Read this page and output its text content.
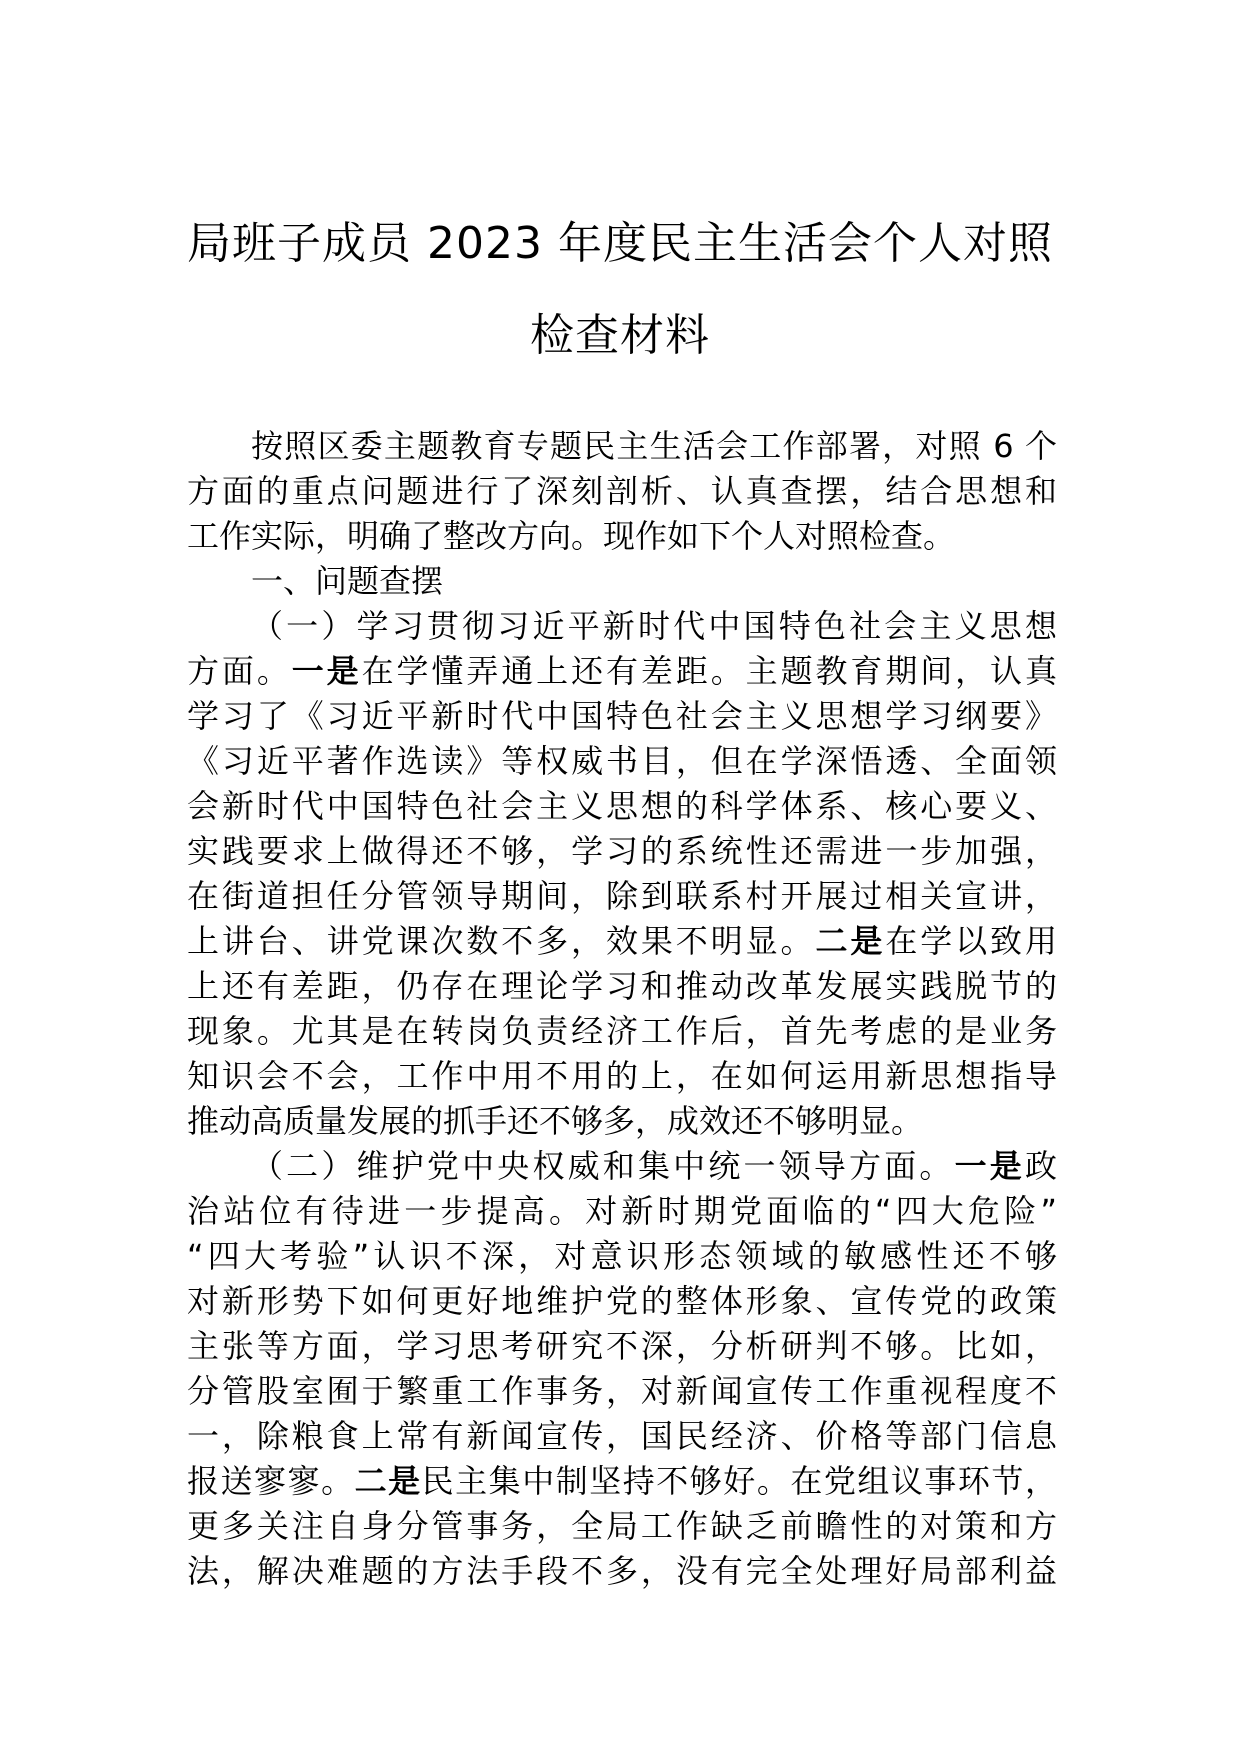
局班子成员 2023 年度民主生活会个人对照
检查材料
按照区委主题教育专题民主生活会工作部署，对照 6 个
方面的重点问题进行了深刻剖析、认真查摆，结合思想和
工作实际，明确了整改方向。现作如下个人对照检查。
一、问题查摆
（一）学习贯彻习近平新时代中国特色社会主义思想
方面。一是在学懂弄通上还有差距。主题教育期间，认真
学习了《习近平新时代中国特色社会主义思想学习纲要》
《习近平著作选读》等权威书目，但在学深悟透、全面领
会新时代中国特色社会主义思想的科学体系、核心要义、
实践要求上做得还不够，学习的系统性还需进一步加强，
在街道担任分管领导期间，除到联系村开展过相关宣讲，
上讲台、讲党课次数不多，效果不明显。二是在学以致用
上还有差距，仍存在理论学习和推动改革发展实践脱节的
现象。尤其是在转岗负责经济工作后，首先考虑的是业务
知识会不会，工作中用不用的上，在如何运用新思想指导
推动高质量发展的抓手还不够多，成效还不够明显。
（二）维护党中央权威和集中统一领导方面。一是政
治站位有待进一步提高。对新时期党面临的“四大危险”
“四大考验”认识不深，对意识形态领域的敏感性还不够
对新形势下如何更好地维护党的整体形象、宣传党的政策
主张等方面，学习思考研究不深，分析研判不够。比如，
分管股室囿于繁重工作事务，对新闻宣传工作重视程度不
一，除粮食上常有新闻宣传，国民经济、价格等部门信息
报送寥寥。二是民主集中制坚持不够好。在党组议事环节，
更多关注自身分管事务，全局工作缺乏前瞻性的对策和方
法，解决难题的方法手段不多，没有完全处理好局部利益
